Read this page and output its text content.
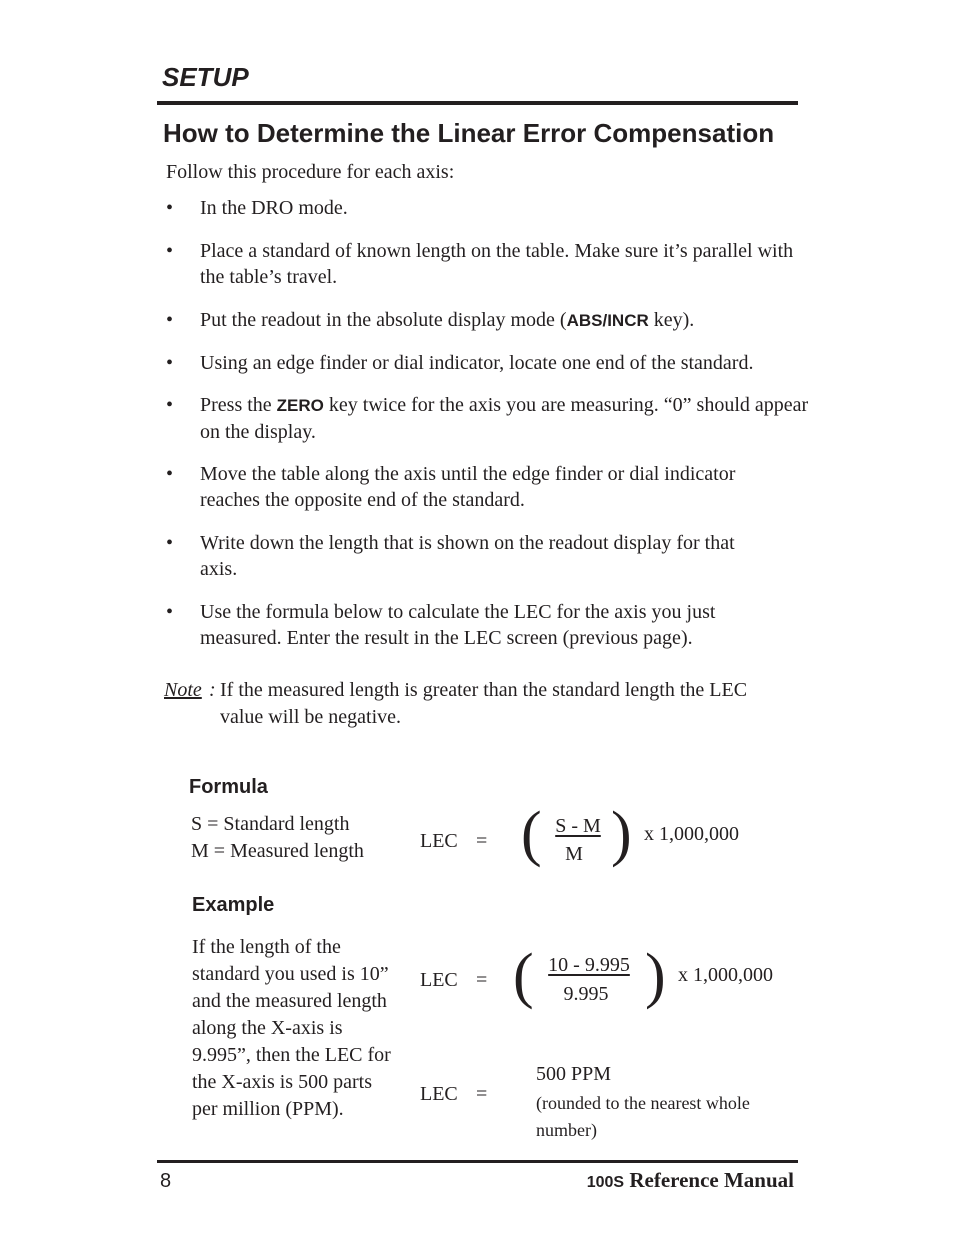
SETUP
How to Determine the Linear Error Compensation
Follow this procedure for each axis:
• In the DRO mode.
• Place a standard of known length on the table. Make sure it’s parallel with the table’s travel.
• Put the readout in the absolute display mode (ABS/INCR key).
• Using an edge finder or dial indicator, locate one end of the standard.
• Press the ZERO key twice for the axis you are measuring. “0” should appear on the display.
• Move the table along the axis until the edge finder or dial indicator reaches the opposite end of the standard.
• Write down the length that is shown on the readout display for that axis.
• Use the formula below to calculate the LEC for the axis you just measured. Enter the result in the LEC screen (previous page).
Note : If the measured length is greater than the standard length the LEC value will be negative.
Formula
S = Standard length
M = Measured length	LEC = ( S - M
M ) x 1,000,000
Example
If the length of the standard you used is 10” and the measured length along the X-axis is 9.995”, then the LEC for the X-axis is 500 parts per million (PPM).
LEC = ( 10 - 9.995
9.995 ) x 1,000,000
LEC =
500 PPM
(rounded to the nearest whole number)
8	100S Reference Manual
